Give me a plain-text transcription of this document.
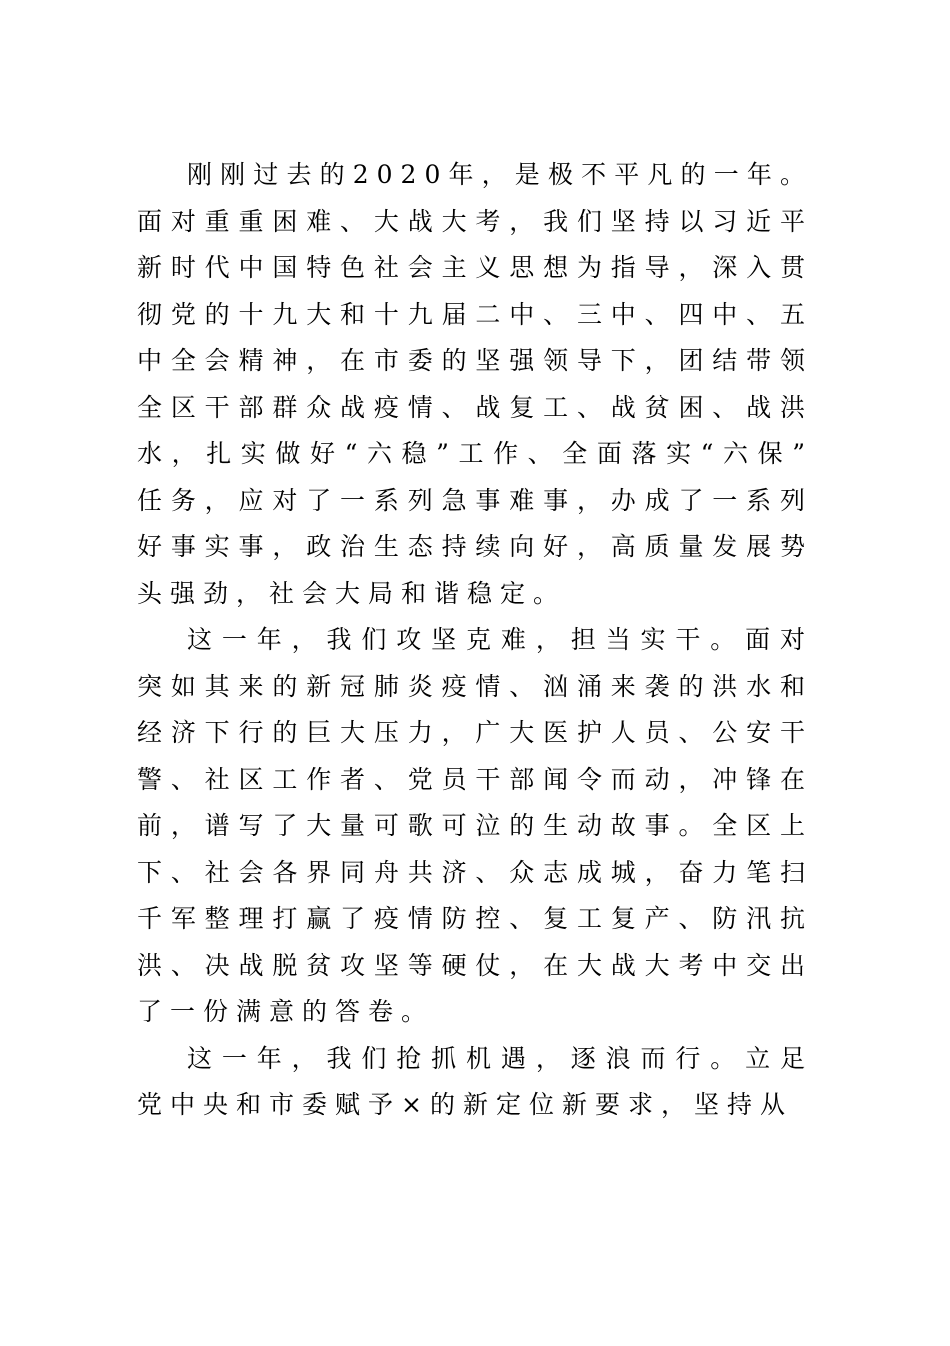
刚刚过去的2020年，是极不平凡的一年。面对重重困难、大战大考，我们坚持以习近平新时代中国特色社会主义思想为指导，深入贯彻党的十九大和十九届二中、三中、四中、五中全会精神，在市委的坚强领导下，团结带领全区干部群众战疫情、战复工、战贫困、战洪水，扎实做好“六稳”工作、全面落实“六保”任务，应对了一系列急事难事，办成了一系列好事实事，政治生态持续向好，高质量发展势头强劲，社会大局和谐稳定。

这一年，我们攻坚克难，担当实干。面对突如其来的新冠肺炎疫情、汹涌来袭的洪水和经济下行的巨大压力，广大医护人员、公安干警、社区工作者、党员干部闻令而动，冲锋在前，谱写了大量可歌可泣的生动故事。全区上下、社会各界同舟共济、众志成城，奋力笔扫千军整理打赢了疫情防控、复工复产、防汛抗洪、决战脱贫攻坚等硬仗，在大战大考中交出了一份满意的答卷。

这一年，我们抢抓机遇，逐浪而行。立足党中央和市委赋予×的新定位新要求，坚持从
